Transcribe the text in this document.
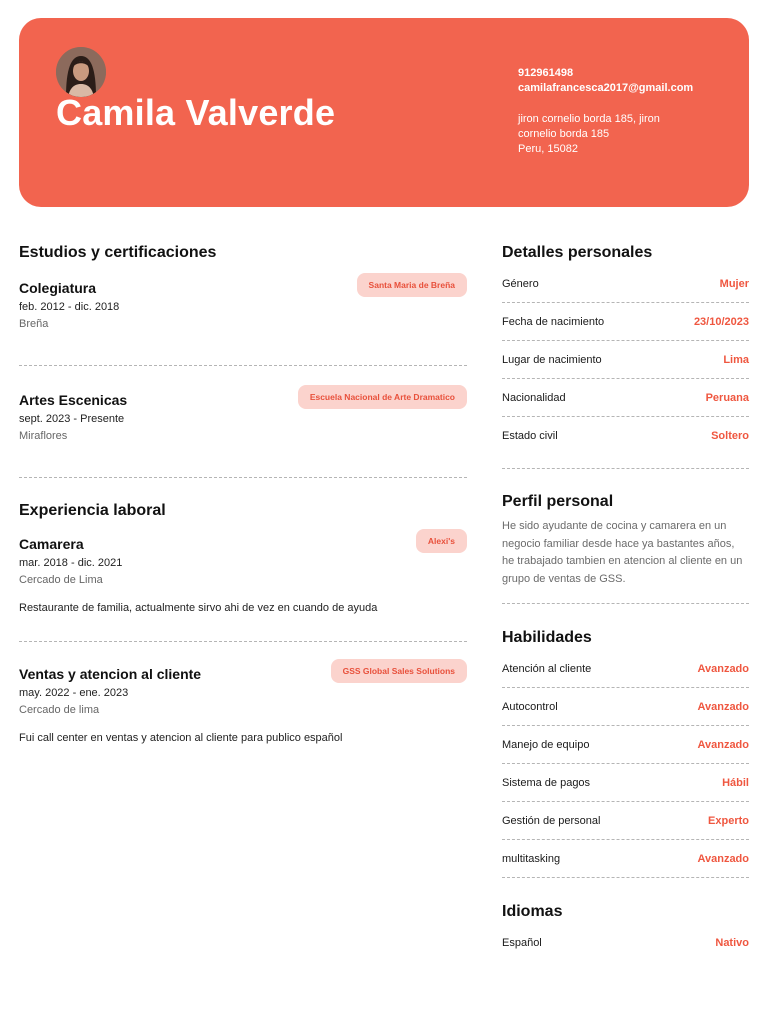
Camila Valverde
912961498
camilafrancesca2017@gmail.com
jiron cornelio borda 185, jiron
cornelio borda 185
Peru, 15082
Estudios y certificaciones
Colegiatura
feb. 2012 - dic. 2018
Breña
Santa Maria de Breña
Artes Escenicas
sept. 2023 - Presente
Miraflores
Escuela Nacional de Arte Dramatico
Experiencia laboral
Camarera
mar. 2018 - dic. 2021
Cercado de Lima
Restaurante de familia, actualmente sirvo ahi de vez en cuando de ayuda
Alexi's
Ventas y atencion al cliente
may. 2022 - ene. 2023
Cercado de lima
Fui call center en ventas y atencion al cliente para publico español
GSS Global Sales Solutions
Detalles personales
Género	Mujer
Fecha de nacimiento	23/10/2023
Lugar de nacimiento	Lima
Nacionalidad	Peruana
Estado civil	Soltero
Perfil personal
He sido ayudante de cocina y camarera en un negocio familiar desde hace ya bastantes años, he trabajado tambien en atencion al cliente en un grupo de ventas de GSS.
Habilidades
Atención al cliente	Avanzado
Autocontrol	Avanzado
Manejo de equipo	Avanzado
Sistema de pagos	Hábil
Gestión de personal	Experto
multitasking	Avanzado
Idiomas
Español	Nativo
